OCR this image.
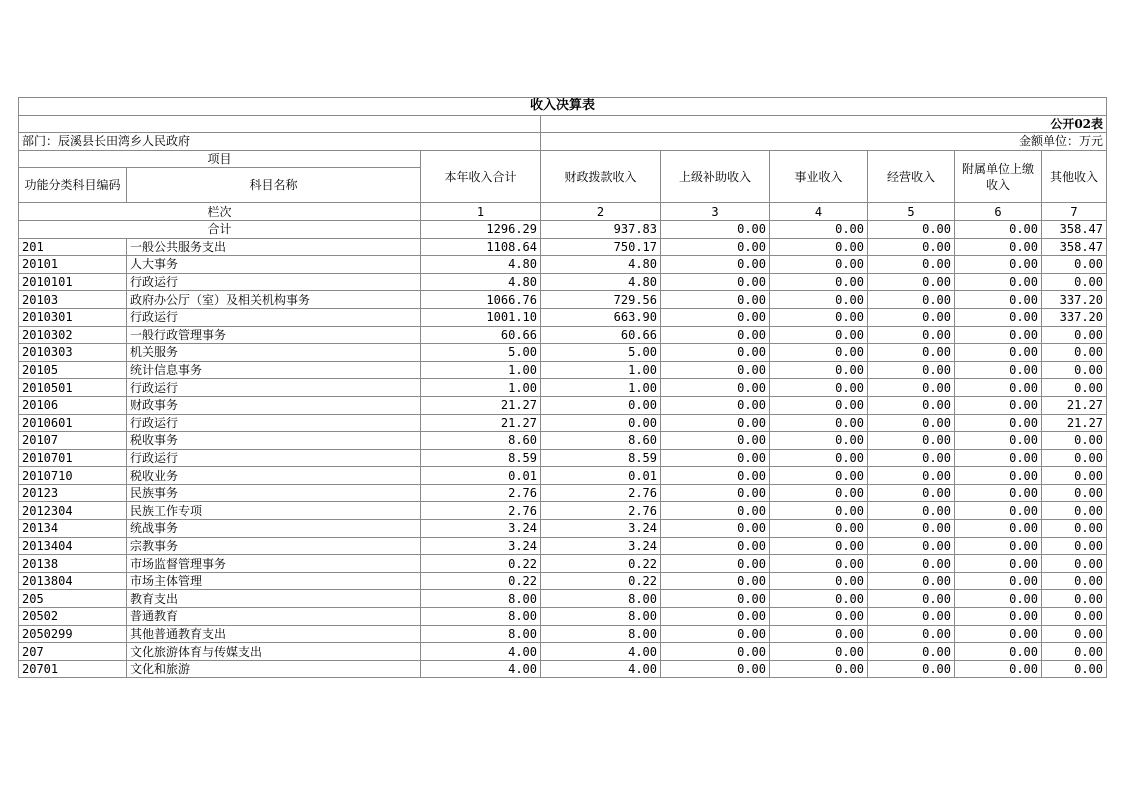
收入决算表								
			公开02表					
部门：辰溪县长田湾乡人民政府			金额单位：万元					
项目		本年收入合计	财政拨款收入	上级补助收入	事业收入	经营收入	附属单位上缴收入	其他收入
功能分类科目编码	科目名称							
栏次		1	2	3	4	5	6	7
合计		1296.29	937.83	0.00	0.00	0.00	0.00	358.47
201	一般公共服务支出	1108.64	750.17	0.00	0.00	0.00	0.00	358.47
20101	人大事务	4.80	4.80	0.00	0.00	0.00	0.00	0.00
2010101	行政运行	4.80	4.80	0.00	0.00	0.00	0.00	0.00
20103	政府办公厅（室）及相关机构事务	1066.76	729.56	0.00	0.00	0.00	0.00	337.20
2010301	行政运行	1001.10	663.90	0.00	0.00	0.00	0.00	337.20
2010302	一般行政管理事务	60.66	60.66	0.00	0.00	0.00	0.00	0.00
2010303	机关服务	5.00	5.00	0.00	0.00	0.00	0.00	0.00
20105	统计信息事务	1.00	1.00	0.00	0.00	0.00	0.00	0.00
2010501	行政运行	1.00	1.00	0.00	0.00	0.00	0.00	0.00
20106	财政事务	21.27	0.00	0.00	0.00	0.00	0.00	21.27
2010601	行政运行	21.27	0.00	0.00	0.00	0.00	0.00	21.27
20107	税收事务	8.60	8.60	0.00	0.00	0.00	0.00	0.00
2010701	行政运行	8.59	8.59	0.00	0.00	0.00	0.00	0.00
2010710	税收业务	0.01	0.01	0.00	0.00	0.00	0.00	0.00
20123	民族事务	2.76	2.76	0.00	0.00	0.00	0.00	0.00
2012304	民族工作专项	2.76	2.76	0.00	0.00	0.00	0.00	0.00
20134	统战事务	3.24	3.24	0.00	0.00	0.00	0.00	0.00
2013404	宗教事务	3.24	3.24	0.00	0.00	0.00	0.00	0.00
20138	市场监督管理事务	0.22	0.22	0.00	0.00	0.00	0.00	0.00
2013804	市场主体管理	0.22	0.22	0.00	0.00	0.00	0.00	0.00
205	教育支出	8.00	8.00	0.00	0.00	0.00	0.00	0.00
20502	普通教育	8.00	8.00	0.00	0.00	0.00	0.00	0.00
2050299	其他普通教育支出	8.00	8.00	0.00	0.00	0.00	0.00	0.00
207	文化旅游体育与传媒支出	4.00	4.00	0.00	0.00	0.00	0.00	0.00
20701	文化和旅游	4.00	4.00	0.00	0.00	0.00	0.00	0.00
